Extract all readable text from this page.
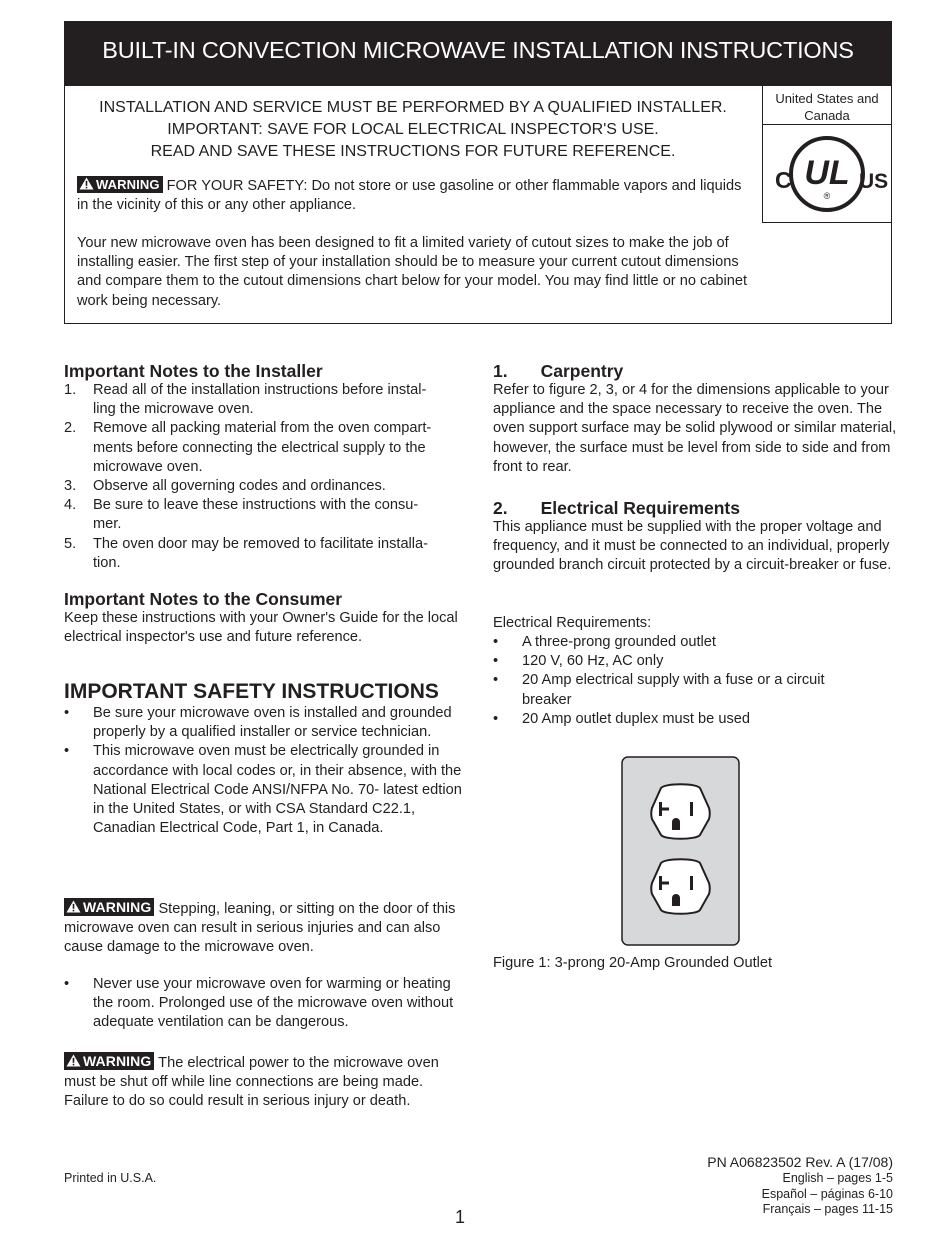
BUILT-IN CONVECTION MICROWAVE INSTALLATION INSTRUCTIONS
United States and Canada
C UL
®
US
INSTALLATION AND SERVICE MUST BE PERFORMED BY A QUALIFIED INSTALLER.
IMPORTANT: SAVE FOR LOCAL ELECTRICAL INSPECTOR'S USE.
READ AND SAVE THESE INSTRUCTIONS FOR FUTURE REFERENCE.
WARNING FOR YOUR SAFETY: Do not store or use gasoline or other flammable vapors and liquids in the vicinity of this or any other appliance.
Your new microwave oven has been designed to fit a limited variety of cutout sizes to make the job of installing easier. The first step of your installation should be to measure your current cutout dimensions and compare them to the cutout dimensions chart below for your model. You may find little or no cabinet work being necessary.
Important Notes to the Installer
1. Read all of the installation instructions before instal-
ling the microwave oven.
2. Remove all packing material from the oven compart-
ments before connecting the electrical supply to the
microwave oven.
3. Observe all governing codes and ordinances.
4. Be sure to leave these instructions with the consu-
mer.
5. The oven door may be removed to facilitate installa-
tion.
Important Notes to the Consumer
Keep these instructions with your Owner's Guide for the local electrical inspector's use and future reference.
IMPORTANT SAFETY INSTRUCTIONS
• Be sure your microwave oven is installed and grounded properly by a qualified installer or service technician.
• This microwave oven must be electrically grounded in accordance with local codes or, in their absence, with the National Electrical Code ANSI/NFPA No. 70- latest edtion in the United States, or with CSA Standard C22.1, Canadian Electrical Code, Part 1, in Canada.
WARNING Stepping, leaning, or sitting on the door of this microwave oven can result in serious injuries and can also cause damage to the microwave oven.
• Never use your microwave oven for warming or heating the room. Prolonged use of the microwave oven without adequate ventilation can be dangerous.
WARNING The electrical power to the microwave oven must be shut off while line connections are being made. Failure to do so could result in serious injury or death.
1. Carpentry
Refer to figure 2, 3, or 4 for the dimensions applicable to your appliance and the space necessary to receive the oven. The oven support surface may be solid plywood or similar material, however, the surface must be level from side to side and from front to rear.
2. Electrical Requirements
This appliance must be supplied with the proper voltage and frequency, and it must be connected to an individual, properly grounded branch circuit protected by a circuit-breaker or fuse.
Electrical Requirements:
• A three-prong grounded outlet
• 120 V, 60 Hz, AC only
• 20 Amp electrical supply with a fuse or a circuit breaker
• 20 Amp outlet duplex must be used
Figure 1: 3-prong 20-Amp Grounded Outlet
Printed in U.S.A.
PN A06823502 Rev. A (17/08)
English – pages 1-5
Español – páginas 6-10
Français – pages 11-15
1
